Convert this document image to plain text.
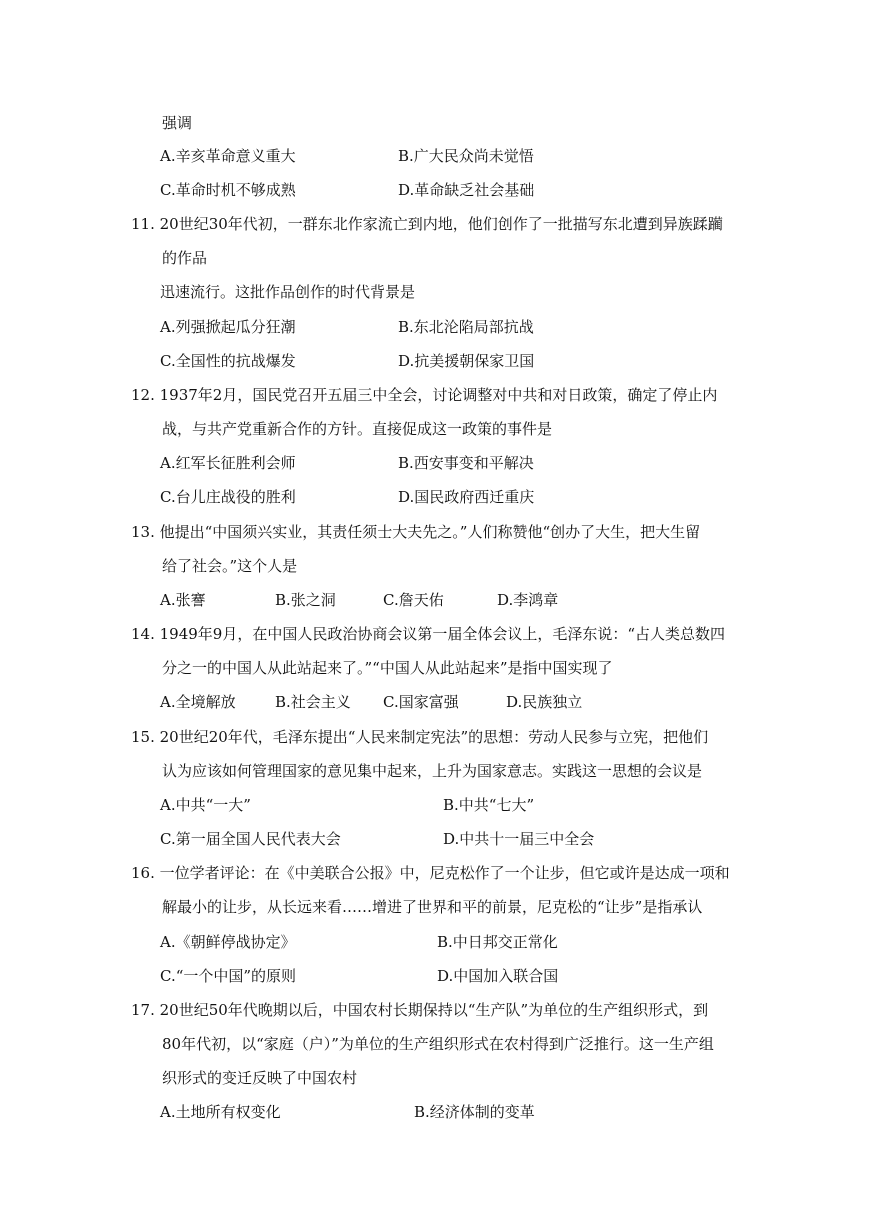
强调
A.辛亥革命意义重大	B.广大民众尚未觉悟
C.革命时机不够成熟	D.革命缺乏社会基础
11. 20世纪30年代初，一群东北作家流亡到内地，他们创作了一批描写东北遭到异族蹂躏
的作品
迅速流行。这批作品创作的时代背景是
A.列强掀起瓜分狂潮	B.东北沦陷局部抗战
C.全国性的抗战爆发	D.抗美援朝保家卫国
12. 1937年2月，国民党召开五届三中全会，讨论调整对中共和对日政策，确定了停止内
战，与共产党重新合作的方针。直接促成这一政策的事件是
A.红军长征胜利会师	B.西安事变和平解决
C.台儿庄战役的胜利	D.国民政府西迁重庆
13. 他提出“中国须兴实业，其责任须士大夫先之。”人们称赞他“创办了大生，把大生留
给了社会。”这个人是
A.张謇	B.张之洞	C.詹天佑	D.李鸿章
14. 1949年9月，在中国人民政治协商会议第一届全体会议上，毛泽东说：“占人类总数四
分之一的中国人从此站起来了。”“中国人从此站起来”是指中国实现了
A.全境解放	B.社会主义 C.国家富强	D.民族独立
15. 20世纪20年代，毛泽东提出“人民来制定宪法”的思想：劳动人民参与立宪，把他们
认为应该如何管理国家的意见集中起来，上升为国家意志。实践这一思想的会议是
A.中共“一大”	B.中共“七大”
C.第一届全国人民代表大会	D.中共十一届三中全会
16. 一位学者评论：在《中美联合公报》中，尼克松作了一个让步，但它或许是达成一项和
解最小的让步，从长远来看……增进了世界和平的前景，尼克松的“让步”是指承认
A.《朝鲜停战协定》	B.中日邦交正常化
C.“一个中国”的原则	D.中国加入联合国
17. 20世纪50年代晚期以后，中国农村长期保持以“生产队”为单位的生产组织形式，到
80年代初，以“家庭（户）”为单位的生产组织形式在农村得到广泛推行。这一生产组
织形式的变迁反映了中国农村
A.土地所有权变化	B.经济体制的变革
